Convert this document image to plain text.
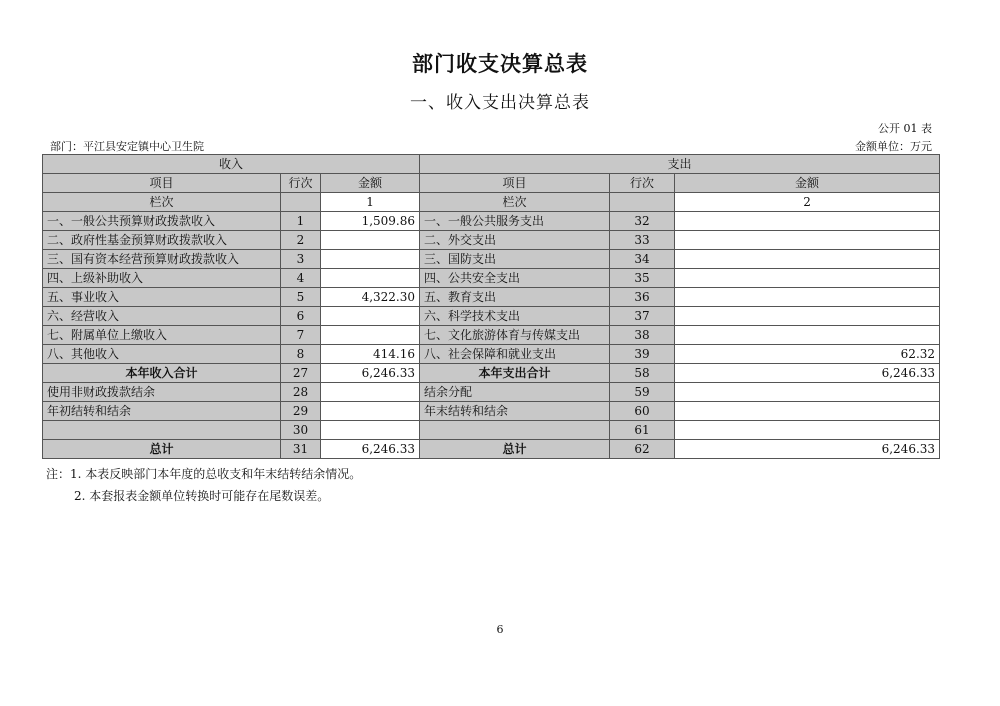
部门收支决算总表
一、收入支出决算总表
公开 01 表
部门：平江县安定镇中心卫生院	金额单位：万元
收入			支出		
项目	行次	金额	项目	行次	金额
栏次		1	栏次		2
一、一般公共预算财政拨款收入	1	1,509.86	一、一般公共服务支出	32	
二、政府性基金预算财政拨款收入	2		二、外交支出	33	
三、国有资本经营预算财政拨款收入	3		三、国防支出	34	
四、上级补助收入	4		四、公共安全支出	35	
五、事业收入	5	4,322.30	五、教育支出	36	
六、经营收入	6		六、科学技术支出	37	
七、附属单位上缴收入	7		七、文化旅游体育与传媒支出	38	
八、其他收入	8	414.16	八、社会保障和就业支出	39	62.32
本年收入合计	27	6,246.33	本年支出合计	58	6,246.33
使用非财政拨款结余	28		结余分配	59	
年初结转和结余	29		年末结转和结余	60	
	30			61	
总计	31	6,246.33	总计	62	6,246.33
注：1. 本表反映部门本年度的总收支和年末结转结余情况。
2. 本套报表金额单位转换时可能存在尾数误差。
6
